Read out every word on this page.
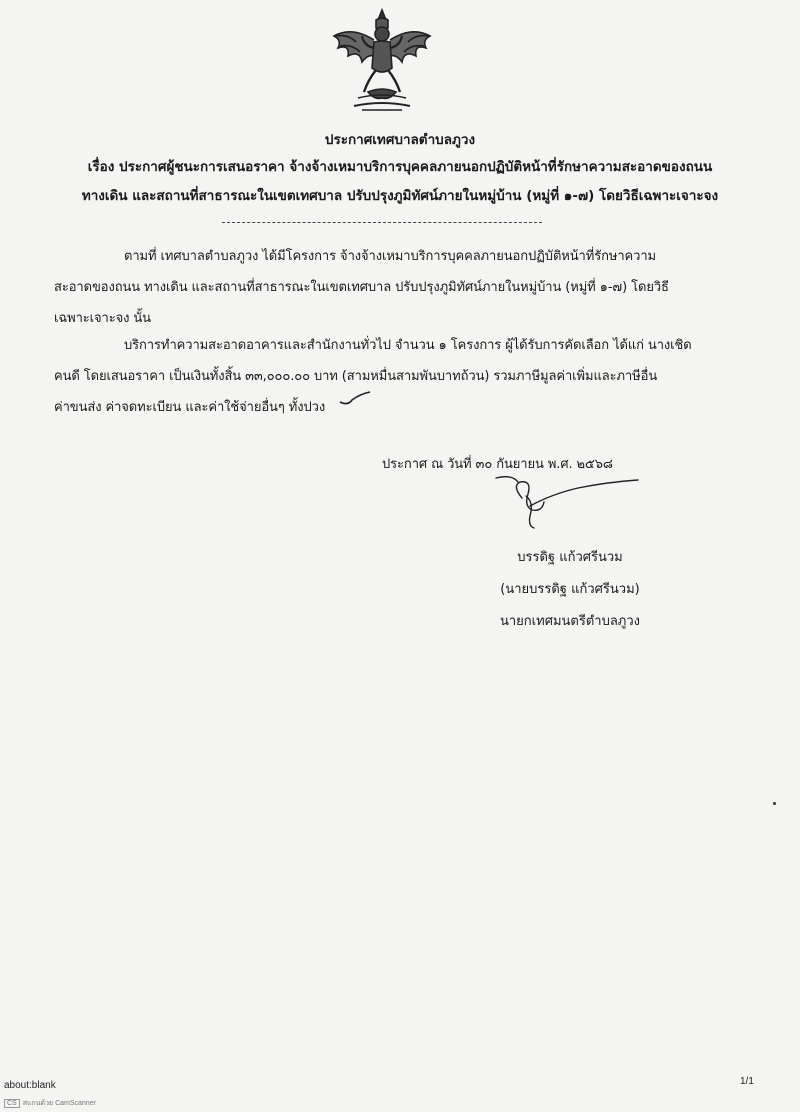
ประกาศเทศบาลตำบลภูวง
เรื่อง ประกาศผู้ชนะการเสนอราคา จ้างจ้างเหมาบริการบุคคลภายนอกปฏิบัติหน้าที่รักษาความสะอาดของถนน
ทางเดิน และสถานที่สาธารณะในเขตเทศบาล ปรับปรุงภูมิทัศน์ภายในหมู่บ้าน (หมู่ที่ ๑-๗) โดยวิธีเฉพาะเจาะจง
ตามที่ เทศบาลตำบลภูวง ได้มีโครงการ จ้างจ้างเหมาบริการบุคคลภายนอกปฏิบัติหน้าที่รักษาความ
สะอาดของถนน ทางเดิน และสถานที่สาธารณะในเขตเทศบาล ปรับปรุงภูมิทัศน์ภายในหมู่บ้าน (หมู่ที่ ๑-๗) โดยวิธี
เฉพาะเจาะจง นั้น
บริการทำความสะอาดอาคารและสำนักงานทั่วไป จำนวน ๑ โครงการ ผู้ได้รับการคัดเลือก ได้แก่ นางเชิด
คนดี โดยเสนอราคา เป็นเงินทั้งสิ้น ๓๓,๐๐๐.๐๐ บาท (สามหมื่นสามพันบาทถ้วน) รวมภาษีมูลค่าเพิ่มและภาษีอื่น
ค่าขนส่ง ค่าจดทะเบียน และค่าใช้จ่ายอื่นๆ ทั้งปวง
ประกาศ ณ วันที่ ๓๐ กันยายน พ.ศ. ๒๕๖๘
บรรดิฐ แก้วศรีนวม
(นายบรรดิฐ แก้วศรีนวม)
นายกเทศมนตรีตำบลภูวง
about:blank	1/1
CS สแกนด้วย CamScanner
